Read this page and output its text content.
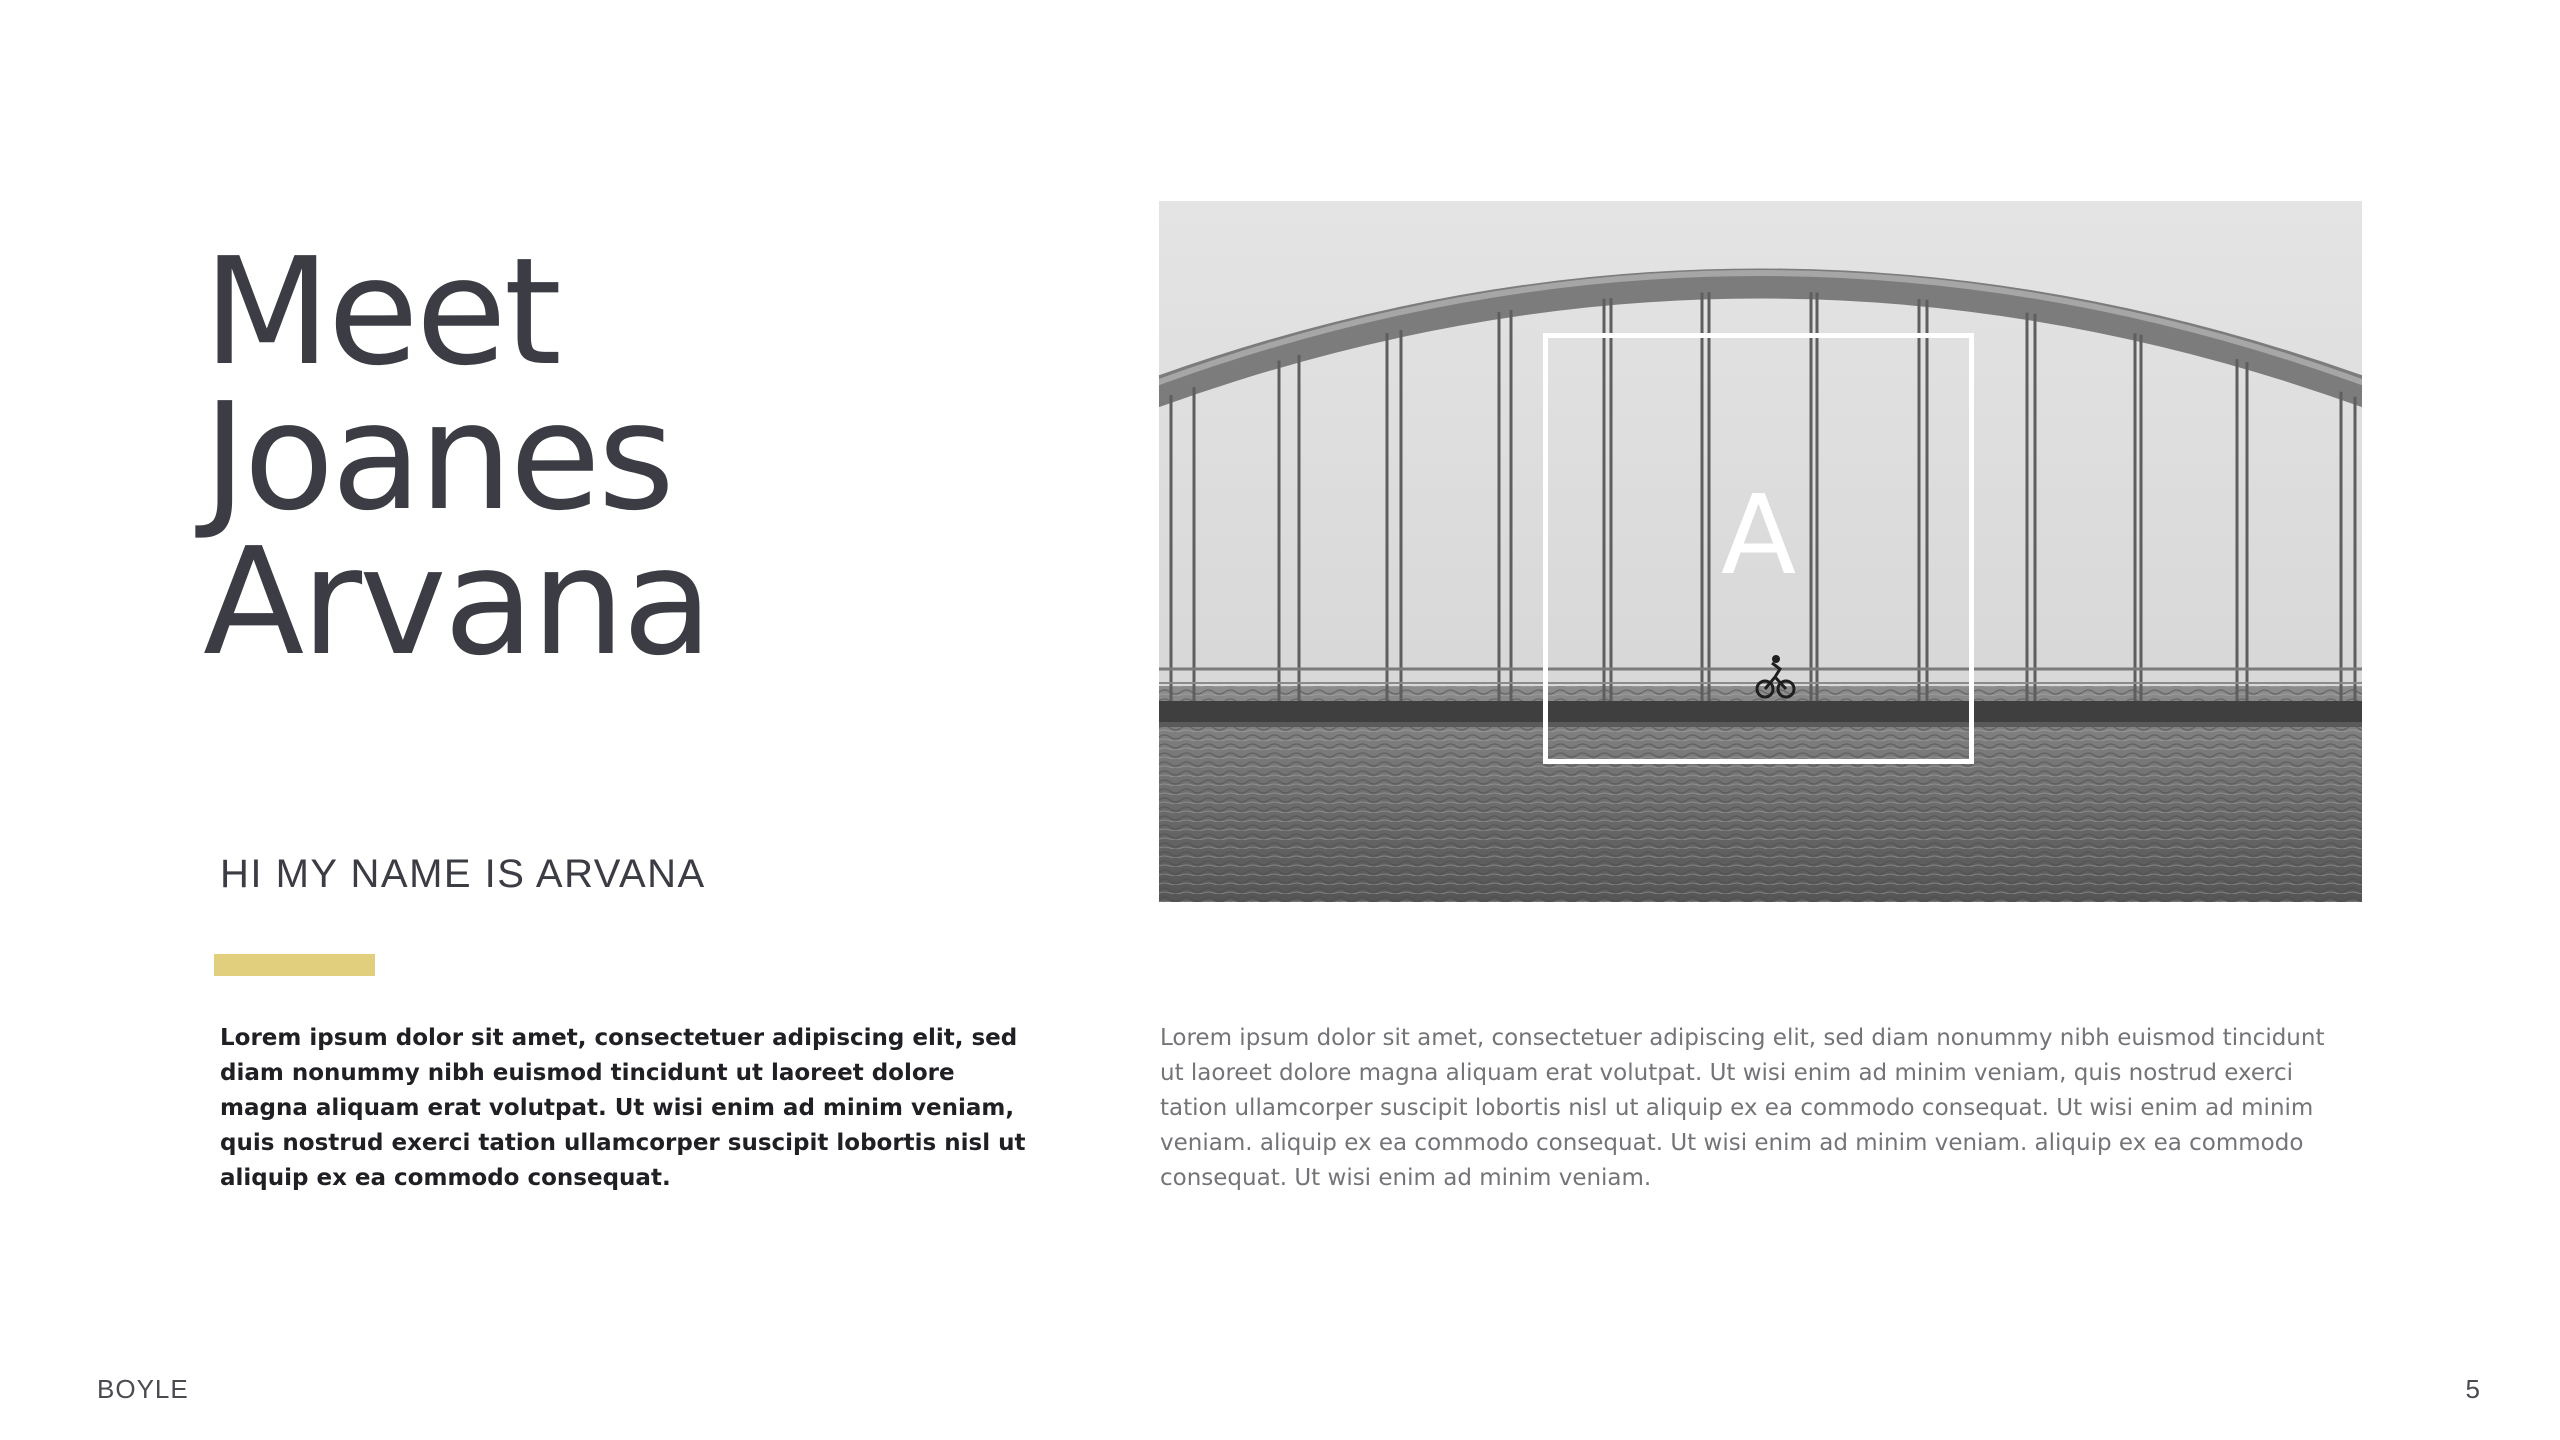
Meet
Joanes
Arvana
HI MY NAME IS ARVANA
Lorem ipsum dolor sit amet, consectetuer adipiscing elit, sed diam nonummy nibh euismod tincidunt ut laoreet dolore magna aliquam erat volutpat. Ut wisi enim ad minim veniam, quis nostrud exerci tation ullamcorper suscipit lobortis nisl ut aliquip ex ea commodo consequat.
A
Lorem ipsum dolor sit amet, consectetuer adipiscing elit, sed diam nonummy nibh euismod tincidunt ut laoreet dolore magna aliquam erat volutpat. Ut wisi enim ad minim veniam, quis nostrud exerci tation ullamcorper suscipit lobortis nisl ut aliquip ex ea commodo consequat. Ut wisi enim ad minim veniam. aliquip ex ea commodo consequat. Ut wisi enim ad minim veniam. aliquip ex ea commodo consequat. Ut wisi enim ad minim veniam.
BOYLE	5
